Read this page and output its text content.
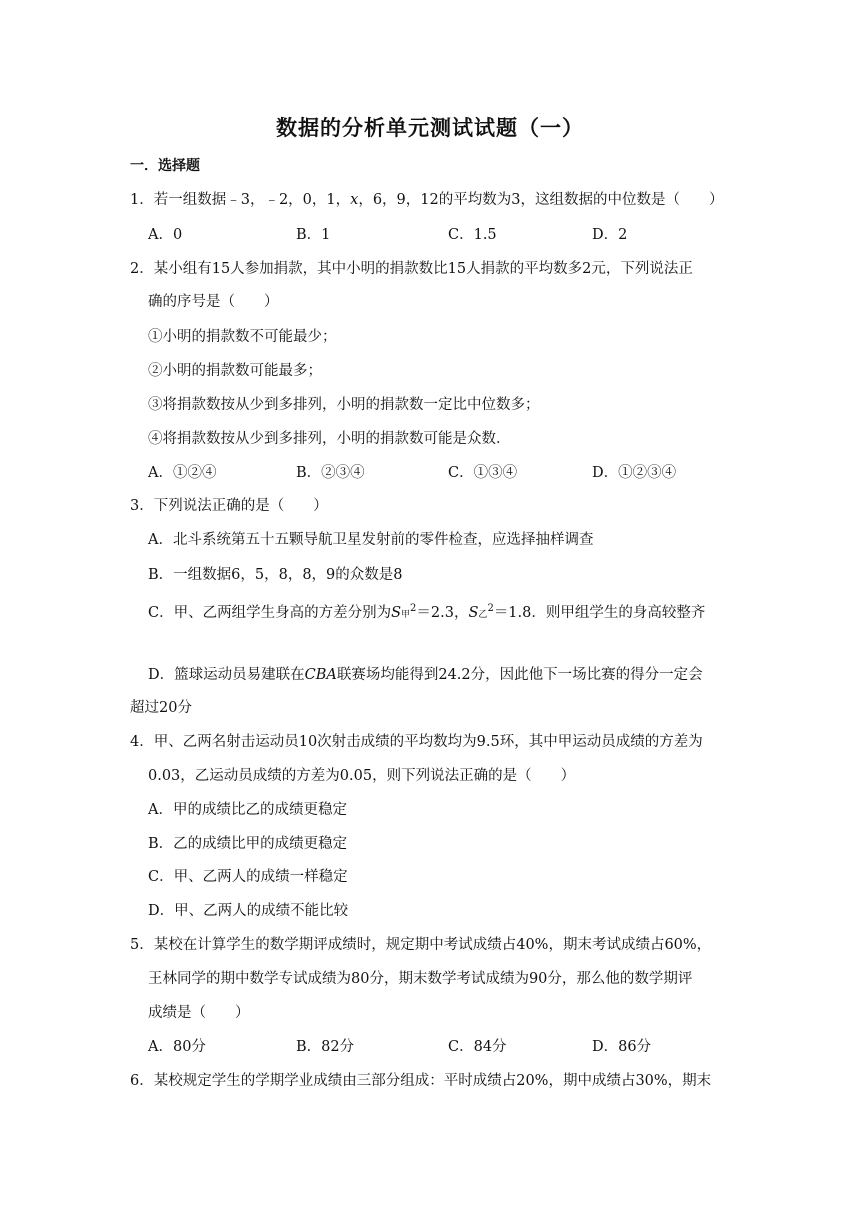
数据的分析单元测试试题（一）
一．选择题
1．若一组数据﹣3，﹣2，0，1，x，6，9，12的平均数为3，这组数据的中位数是（　　）
A．0	B．1	C．1.5	D．2
2．某小组有15人参加捐款，其中小明的捐款数比15人捐款的平均数多2元，下列说法正
确的序号是（　　）
①小明的捐款数不可能最少；
②小明的捐款数可能最多；
③将捐款数按从少到多排列，小明的捐款数一定比中位数多；
④将捐款数按从少到多排列，小明的捐款数可能是众数．
A．①②④	B．②③④	C．①③④	D．①②③④
3．下列说法正确的是（　　）
A．北斗系统第五十五颗导航卫星发射前的零件检查，应选择抽样调查
B．一组数据6，5，8，8，9的众数是8
C．甲、乙两组学生身高的方差分别为S甲$^2$＝2.3，S乙$^2$＝1.8．则甲组学生的身高较整齐
D．篮球运动员易建联在CBA联赛场均能得到24.2分，因此他下一场比赛的得分一定会
超过20分
4．甲、乙两名射击运动员10次射击成绩的平均数均为9.5环，其中甲运动员成绩的方差为
0.03，乙运动员成绩的方差为0.05，则下列说法正确的是（　　）
A．甲的成绩比乙的成绩更稳定
B．乙的成绩比甲的成绩更稳定
C．甲、乙两人的成绩一样稳定
D．甲、乙两人的成绩不能比较
5．某校在计算学生的数学期评成绩时，规定期中考试成绩占40%，期末考试成绩占60%，
王林同学的期中数学专试成绩为80分，期末数学考试成绩为90分，那么他的数学期评
成绩是（　　）
A．80分	B．82分	C．84分	D．86分
6．某校规定学生的学期学业成绩由三部分组成：平时成绩占20%，期中成绩占30%，期末
